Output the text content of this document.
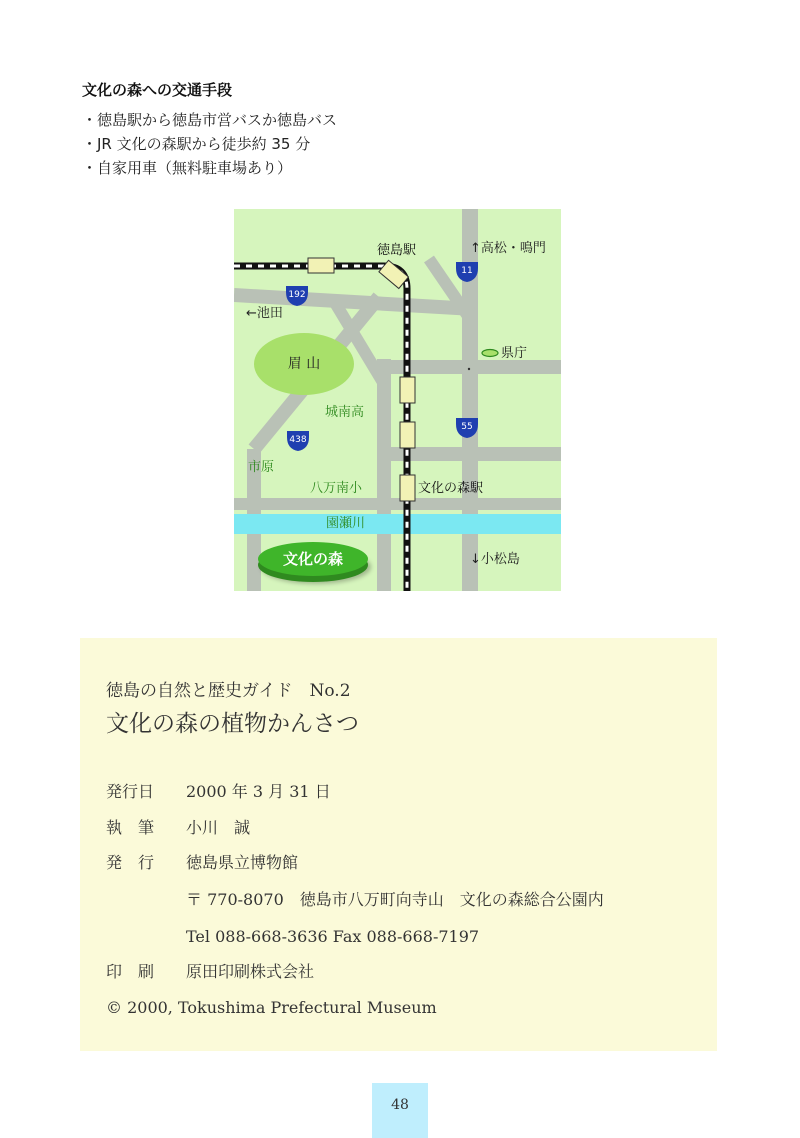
文化の森への交通手段
・徳島駅から徳島市営バスか徳島バス
・JR 文化の森駅から徒歩約 35 分
・自家用車（無料駐車場あり）
11
192
438
55
眉 山
徳島駅	↑高松・鳴門
←池田
県庁
城南高
市原
八万南小	文化の森駅
園瀬川
↓小松島
文化の森
徳島の自然と歴史ガイド　No.2
文化の森の植物かんさつ
発行日 2000 年 3 月 31 日
執　筆 小川　誠
発　行 徳島県立博物館
〒 770-8070　徳島市八万町向寺山　文化の森総合公園内
Tel 088-668-3636 Fax 088-668-7197
印　刷 原田印刷株式会社
© 2000, Tokushima Prefectural Museum
48
